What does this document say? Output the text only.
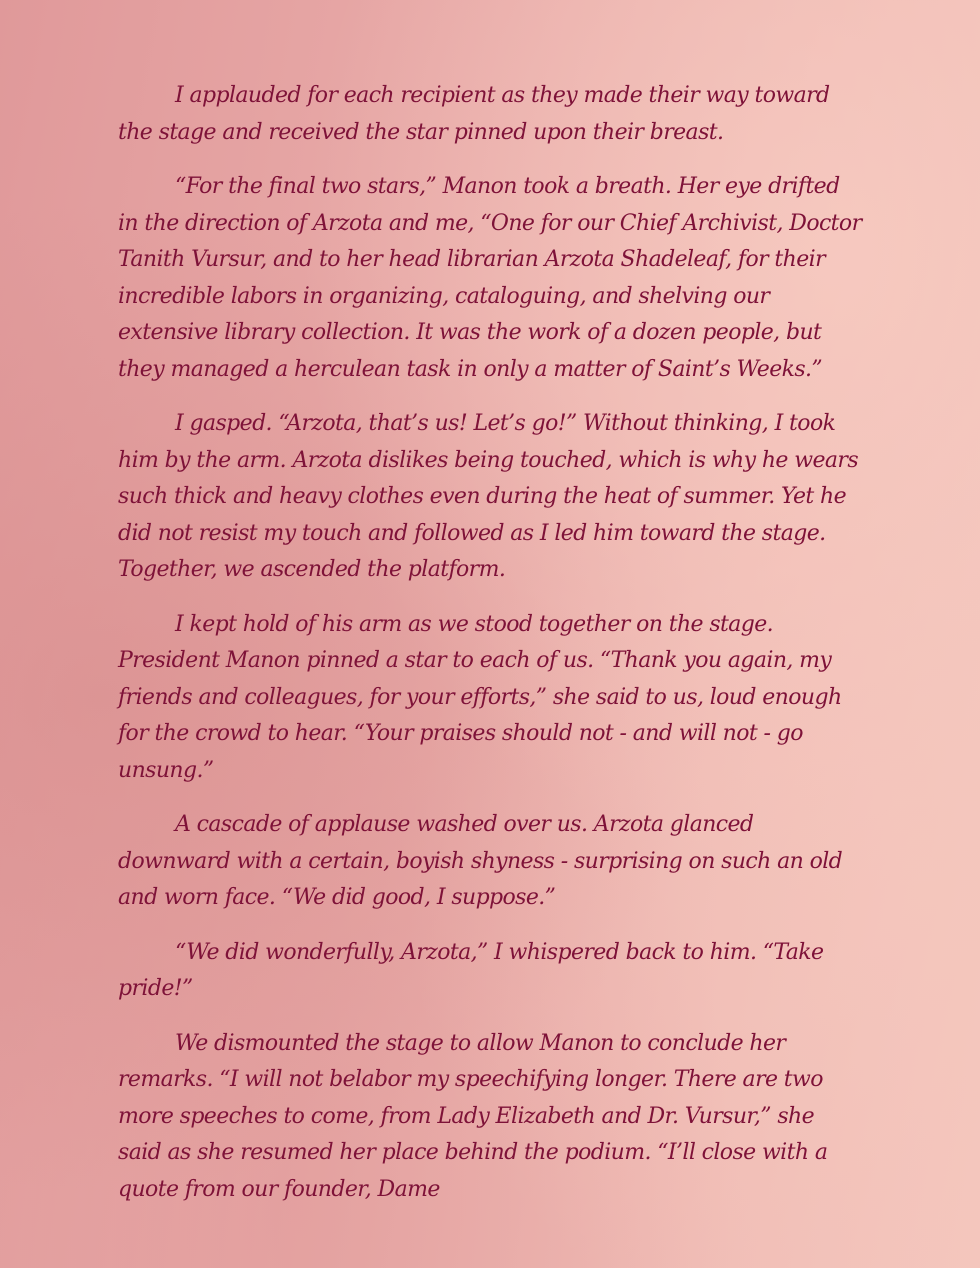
I applauded for each recipient as they made their way toward the stage and received the star pinned upon their breast.

“For the final two stars,” Manon took a breath. Her eye drifted in the direction of Arzota and me, “One for our Chief Archivist, Doctor Tanith Vursur, and to her head librarian Arzota Shadeleaf, for their incredible labors in organizing, cataloguing, and shelving our extensive library collection. It was the work of a dozen people, but they managed a herculean task in only a matter of Saint’s Weeks.”

I gasped. “Arzota, that’s us! Let’s go!” Without thinking, I took him by the arm. Arzota dislikes being touched, which is why he wears such thick and heavy clothes even during the heat of summer. Yet he did not resist my touch and followed as I led him toward the stage. Together, we ascended the platform.

I kept hold of his arm as we stood together on the stage. President Manon pinned a star to each of us. “Thank you again, my friends and colleagues, for your efforts,” she said to us, loud enough for the crowd to hear. “Your praises should not - and will not - go unsung.”

A cascade of applause washed over us. Arzota glanced downward with a certain, boyish shyness - surprising on such an old and worn face. “We did good, I suppose.”

“We did wonderfully, Arzota,” I whispered back to him. “Take pride!”

We dismounted the stage to allow Manon to conclude her remarks. “I will not belabor my speechifying longer. There are two more speeches to come, from Lady Elizabeth and Dr. Vursur,” she said as she resumed her place behind the podium. “I’ll close with a quote from our founder, Dame
